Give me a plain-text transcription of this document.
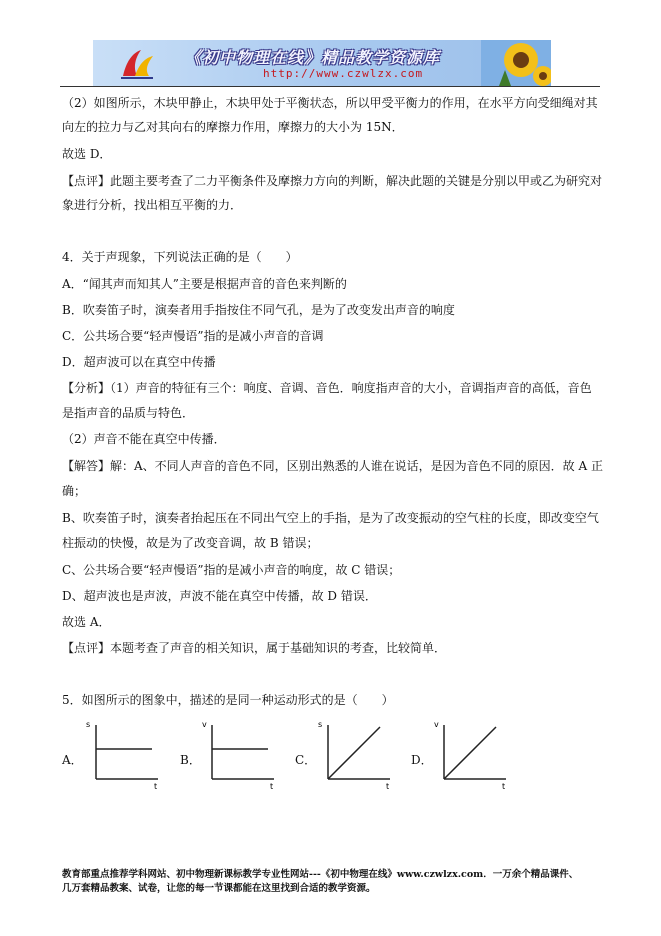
《初中物理在线》精品教学资源库
http://www.czwlzx.com
（2）如图所示，木块甲静止，木块甲处于平衡状态，所以甲受平衡力的作用，在水平方向受细绳对其
向左的拉力与乙对其向右的摩擦力作用，摩擦力的大小为 15N．
故选 D．
【点评】此题主要考查了二力平衡条件及摩擦力方向的判断，解决此题的关键是分别以甲或乙为研究对
象进行分析，找出相互平衡的力．
4．关于声现象，下列说法正确的是（　　）
A．“闻其声而知其人”主要是根据声音的音色来判断的
B．吹奏笛子时，演奏者用手指按住不同气孔，是为了改变发出声音的响度
C．公共场合要“轻声慢语”指的是减小声音的音调
D．超声波可以在真空中传播
【分析】（1）声音的特征有三个：响度、音调、音色．响度指声音的大小，音调指声音的高低，音色
是指声音的品质与特色．
（2）声音不能在真空中传播．
【解答】解：A、不同人声音的音色不同，区别出熟悉的人谁在说话，是因为音色不同的原因．故 A 正
确；
B、吹奏笛子时，演奏者抬起压在不同出气空上的手指，是为了改变振动的空气柱的长度，即改变空气
柱振动的快慢，故是为了改变音调，故 B 错误；
C、公共场合要“轻声慢语”指的是减小声音的响度，故 C 错误；
D、超声波也是声波，声波不能在真空中传播，故 D 错误．
故选 A．
【点评】本题考查了声音的相关知识，属于基础知识的考查，比较简单．
5．如图所示的图象中，描述的是同一种运动形式的是（　　）
A．
s
t
B．
v
t
C．
s
t
D．
v
t
教育部重点推荐学科网站、初中物理新课标教学专业性网站---《初中物理在线》www.czwlzx.com．一万余个精品课件、
几万套精品教案、试卷，让您的每一节课都能在这里找到合适的教学资源。
